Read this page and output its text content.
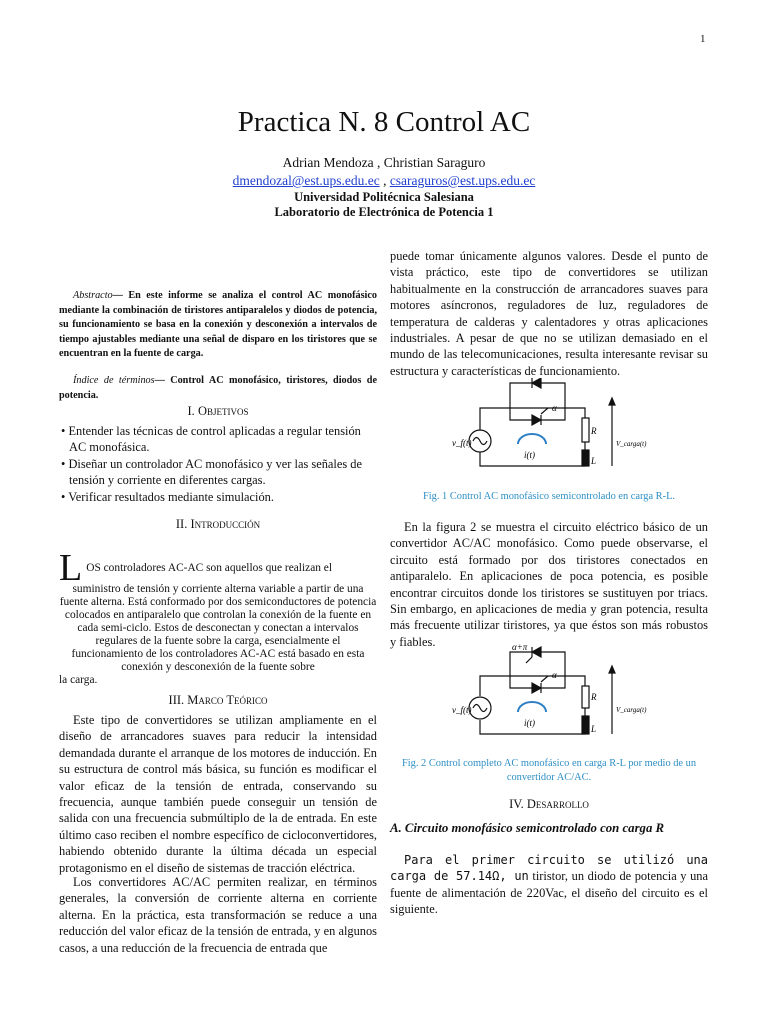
1
Practica N. 8 Control AC
Adrian Mendoza , Christian Saraguro
dmendozal@est.ups.edu.ec , csaraguros@est.ups.edu.ec
Universidad Politécnica Salesiana
Laboratorio de Electrónica de Potencia 1
Abstracto— En este informe se analiza el control AC monofásico mediante la combinación de tiristores antiparalelos y diodos de potencia, su funcionamiento se basa en la conexión y desconexión a intervalos de tiempo ajustables mediante una señal de disparo en los tiristores que se encuentran en la fuente de carga.
Índice de términos— Control AC monofásico, tiristores, diodos de potencia.
I. Objetivos
• Entender las técnicas de control aplicadas a regular tensión AC monofásica.
• Diseñar un controlador AC monofásico y ver las señales de tensión y corriente en diferentes cargas.
• Verificar resultados mediante simulación.
II. Introducción
L OS controladores AC-AC son aquellos que realizan el
suministro de tensión y corriente alterna variable a partir de una fuente alterna. Está conformado por dos semiconductores de potencia colocados en antiparalelo que controlan la conexión de la fuente en cada semi-ciclo. Estos de desconectan y conectan a intervalos regulares de la fuente sobre la carga, esencialmente el funcionamiento de los controladores AC-AC está basado en esta conexión y desconexión de la fuente sobre
la carga.
III. Marco Teórico
Este tipo de convertidores se utilizan ampliamente en el diseño de arrancadores suaves para reducir la intensidad demandada durante el arranque de los motores de inducción. En su estructura de control más básica, su función es modificar el valor eficaz de la tensión de entrada, conservando su frecuencia, aunque también puede conseguir un tensión de salida con una frecuencia submúltiplo de la de entrada. En este último caso reciben el nombre específico de cicloconvertidores, habiendo obtenido durante la última década un especial protagonismo en el diseño de sistemas de tracción eléctrica.
Los convertidores AC/AC permiten realizar, en términos generales, la conversión de corriente alterna en corriente alterna. En la práctica, esta transformación se reduce a una reducción del valor eficaz de la tensión de entrada, y en algunos casos, a una reducción de la frecuencia de entrada que
puede tomar únicamente algunos valores. Desde el punto de vista práctico, este tipo de convertidores se utilizan habitualmente en la construcción de arrancadores suaves para motores asíncronos, reguladores de luz, reguladores de temperatura de calderas y calentadores y otras aplicaciones industriales. A pesar de que no se utilizan demasiado en el mundo de las telecomunicaciones, resulta interesante revisar su estructura y características de funcionamiento.
v_f(t)
i(t)
R
L
V_carga(t)
α
Fig. 1 Control AC monofásico semicontrolado en carga R-L.
En la figura 2 se muestra el circuito eléctrico básico de un convertidor AC/AC monofásico. Como puede observarse, el circuito está formado por dos tiristores conectados en antiparalelo. En aplicaciones de poca potencia, es posible encontrar circuitos donde los tiristores se sustituyen por triacs. Sin embargo, en aplicaciones de media y gran potencia, resulta más frecuente utilizar tiristores, ya que éstos son más robustos y fiables.	α+π
α
v_f(t)
i(t)
R
L
V_carga(t)
Fig. 2 Control completo AC monofásico en carga R-L por medio de un convertidor AC/AC.
IV. Desarrollo
A. Circuito monofásico semicontrolado con carga R
Para el primer circuito se utilizó una carga de 57.14Ω, un tiristor, un diodo de potencia y una fuente de alimentación de 220Vac, el diseño del circuito es el siguiente.
